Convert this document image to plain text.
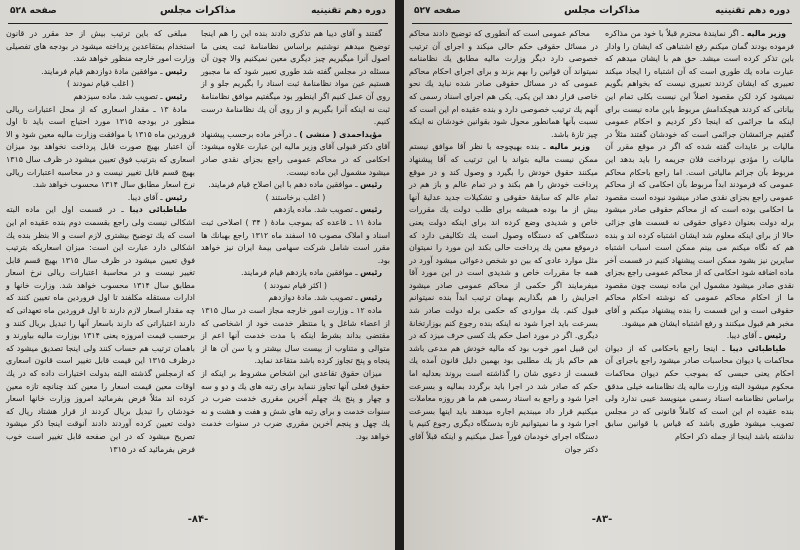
دوره دهم تقنینیه
مذاکرات مجلس
صفحه ۵۲۸

گفتند و آقای دیبا هم تذکری دادند بنده این را هم اینجا توضیح میدهم نوشتیم براساس نظامنامهٔ ثبت یعنی ما اصول آنرا میگیریم چیز دیگری معین نمیکنیم والا چون آن مسئله در مجلس گفته شد طوری تعبیر شود که ما مجبور هستیم عین مواد نظامنامهٔ ثبت اسناد را بگیریم جلو و از روی آن عمل کنیم اگر اینطور بود میگفتیم موافق نظامنامهٔ ثبت نه اینکه آنرا بگیریم و از روی آن یك نظامنامهٔ درست کنیم.

مؤیداحمدی ( منشی ) ـ درآخر ماده برحسب پیشنهاد آقای دکتر قبولی آقای وزیر مالیه این عبارت علاوه میشود: احکامی که در محاکم عمومی راجع بجزای نقدی صادر میشود مشمول این ماده نیست.

رئیس ـ موافقین ماده دهم با این اصلاح قیام فرمایند.

( اغلب برخاستند )

رئیس ـ تصویب شد. ماده یازدهم

مادهٔ ۱۱ ـ قاعده که بموجب مادهٔ ( ۳۴ ) اصلاحی ثبت اسناد و املاک مصوب ۱۵ اسفند ماه ۱۳۱۲ راجع بهبانك ها مقرر است شامل شرکت سهامی بیمهٔ ایران نیز خواهد بود.

رئیس ـ موافقین ماده یازدهم قیام فرمایند.

( اکثر قیام نمودند )

رئیس ـ تصویب شد. مادهٔ دوازدهم

ماده ۱۲ ـ وزارت امور خارجه مجاز است در سال ۱۳۱۵ از اعضاء شاغل و یا منتظر خدمت خود از اشخاصی که مقتضی بداند بشرط اینکه با مدت خدمت آنها اعم از متوالی و متناوب از بیست سال بیشتر و یا سن آن ها از پنجاه و پنج تجاوز کرده باشد متقاعد نماید.

میزان حقوق تقاعدی این اشخاص مشروط بر اینکه از حقوق فعلی آنها تجاوز ننماید برای رتبه های یك و دو و سه و چهار و پنج یك چهلم آخرین مقرری خدمت ضرب در سنوات خدمت و برای رتبه های شش و هفت و هشت و نه یك چهل و پنجم آخرین مقرری ضرب در سنوات خدمت خواهد بود.

مبلغی که باین ترتیب بیش از حد مقرر در قانون استخدام بمتقاعدین پرداخته میشود در بودجه های تفصیلی وزارت امور خارجه منظور خواهد شد.

رئیس ـ موافقین مادهٔ دوازدهم قیام فرمایند.

( اغلب قیام نمودند )

رئیس ـ تصویب شد. ماده سیزدهم

مادهٔ ۱۳ ـ مقدار اسعاری که از محل اعتبارات ریالی منظور در بودجه ۱۳۱۵ مورد احتیاج است باید تا اول فروردین ماه ۱۳۱۵ با موافقت وزارت مالیه معین شود و الا آن اعتبار بهیچ صورت قابل پرداخت نخواهد بود میزان اسعاری که بترتیب فوق تعیین میشود در ظرف سال ۱۳۱۵ بهیچ قسم قابل تغییر نیست و در محاسبه اعتبارات ریالی نرخ اسعار مطابق سال ۱۳۱۴ محسوب خواهد شد.

رئیس ـ آقای دیبا.

طباطبائی دیبا ـ در قسمت اول این ماده البته اشکالی نیست ولی راجع بقسمت دوم بنده عقیده ام این است که یك توضیح بیشتری لازم است و الا بنظر بنده یك اشکالی دارد عبارت این است: میزان اسعاریکه بترتیب فوق تعیین میشود در ظرف سال ۱۳۱۵ بهیچ قسم قابل تغییر نیست و در محاسبهٔ اعتبارات ریالی نرخ اسعار مطابق سال ۱۳۱۴ محسوب خواهد شد. وزارت خانها و ادارات مستقله مکلفند تا اول فروردین ماه تعیین کنند که چه مقدار اسعار لازم دارند تا اول فروردین ماه تعهداتی که دارند اعتباراتی که دارند باسعار آنها را تبدیل بریال کنند و برحسب قیمت امروزه یعنی ۱۳۱۴ بوزارت مالیه بیاورند و باهمان ترتیب هم حساب کنند ولی اینجا تصدیق میشود که درظرف ۱۳۱۵ این قیمت قابل تغییر است قانون اسعاری که ازمجلس گذشته البته بدولت اختیارات داده که در یك اوقات معین قیمت اسعار را معین کند چنانچه تازه معین کرده اند مثلاً فرض بفرمائید امروز وزارت خانها اسعار خودشان را تبدیل بریال کردند از قرار هشتاد ریال که دولت تعیین کرده آوردند دادند آنوقت اینجا ذکر میشود تصریح میشود که در این صفحه قابل تغییر است خوب فرض بفرمائید که در ۱۳۱۵

-۸۴-
دوره دهم تقنینیه
مذاکرات مجلس
صفحه ۵۲۷

وزیر مالیه ـ اگر نمایندهٔ محترم قبلاً با خود من مذاکره فرموده بودند گمان میکنم رفع اشتباهی که ایشان را وادار باین تذکر کرده است میشد. حق هم با ایشان میدهم که عبارت ماده یك طوری است که آن اشتباه را ایجاد میکند تعبیری که ایشان کردند تعبیری نیست که بخواهم بگویم نمیشود کرد لکن مقصود اصلاً این نیست بکلی تمام این بیاناتی که کردند هیچکدامش مربوط باین ماده نیست برای اینکه ما جرائمی که اینجا ذکر کردیم و احکام عمومی گفتیم جرائمشان جرائمی است که خودشان گفتند مثلاً در مالیات بر عایدات گفته شده که اگر در موقع مقرر آن مالیات را مؤدی نپرداخت فلان جریمه را باید بدهد این مربوط بآن جرائم مالیاتی است. اما راجع باحکام محاکم عمومی که فرمودند ابداً مربوط بآن احکامی که از محاکم عمومی راجع بجزای نقدی صادر میشود نبوده است مقصود ما احکامی بوده است که از محاکم حقوقی صادر میشود برله دولت بعنوان دعوای حقوقی نه قسمت های جزائی حالا از برای اینکه معلوم شد ایشان اشتباه کرده اند و بنده هم که نگاه میکنم می بینم ممکن است اسباب اشتباه سایرین نیز بشود ممکن است پیشنهاد کنیم در قسمت آخر ماده اضافه شود احکامی که از محاکم عمومی راجع بجزای نقدی صادر میشود مشمول این ماده نیست چون مقصود ما از احکام محاکم عمومی که نوشته احکام محاکم حقوقی است و این قسمت را بنده پیشنهاد میکنم و آقای مخبر هم قبول میکنند و رفع اشتباه ایشان هم میشود.

رئیس ـ آقای دیبا.

طباطبائی دیبا ـ اینجا راجع باحکامی که از دیوان محاکمات یا دیوان محاسبات صادر میشود راجع باجرای آن احکام یعنی حبسی که بموجب حکم دیوان محاکمات محکوم میشود البته وزارت مالیه یك نظامنامه خیلی مدقق براساس نظامنامه اسناد رسمی مینویسد عیبی ندارد ولی بنده عقیده ام این است که کاملاً قانونی که در مجلس تصویب میشود طوری باشد که قیاس با قوانین سابق نداشته باشد اینجا از جمله ذکر احکام

محاکم عمومی است که آنطوری که توضیح دادند محاکم در مسائل حقوقی حکم حالی میکند و اجرای آن ترتیب خصوصی دارد دیگر وزارت مالیه مطابق یك نظامنامه نمیتواند آن قوانین را بهم بزند و برای اجرای احکام محاکم عمومی که در مسائل حقوقی صادر شده نباید یك نحو خاصی قرار دهد این یکی. یکی هم اجرای اسناد رسمی که آنهم یك ترتیب خصوصی دارد و بنده عقیده ام این است که نسبت بآنها همانطور محول شود بقوانین خودشان نه اینکه چیز تازهٔ باشد.

وزیر مالیه ـ بنده بهیچوجه با نظر آقا موافق نیستم ممکن نیست مالیه بتواند با این ترتیب که آقا پیشنهاد میکنند حقوق خودش را بگیرد و وصول کند و در موقع پرداخت خودش را هم بکند و در تمام عالم و باز هم در تمام عالم که سابقهٔ حقوقی و تشکیلات جدید عدلیهٔ آنها بیش از ما بوده همیشه برای طلب دولت یك مقررات خاص و شدیدی وضع کرده اند برای اینکه دولت یعنی دستگاهی که دستگاه وصول است یك تکالیفی دارد که درموقع معین یك پرداخت حالی بکند این مورد را نمیتوان مثل موارد عادی که بین دو شخص دعوائی میشود آورد در همه جا مقررات خاص و شدیدی است در این مورد آقا میفرمایند اگر حکمی از محاکم عمومی صادر میشود اجرایش را هم بگذاریم بهمان ترتیب ابداً بنده نمیتوانم قبول کنم. یك مواردی که حکمی برله دولت صادر شد بسرعت باید اجرا شود نه اینکه بنده رجوع کنم بوزارتخانهٔ دیگری. اگر در مورد اصل حکم یك کسی حرف میزد که در این قبیل امور خوب بود که مالیه خودش هم مدعی باشد هم حاکم باز یك مطلبی بود بهمین دلیل قانون آمده یك قسمت از دعوی شان را گذاشته است بروند بعدلیه اما حکم که صادر شد در اجرا باید برگردد بمالیه و بسرعت اجرا شود و راجع به اسناد رسمی هم ما هر روزه معاملات میکنیم قرار داد میبندیم اجاره میدهند باید اینها بسرعت اجرا شود و ما نمیتوانیم تازه بدستگاه دیگری رجوع کنیم یا دستگاه اجرای خودمان فوراً عمل میکنیم و اینکه قبلاً آقای دکتر جوان

-۸۳-
